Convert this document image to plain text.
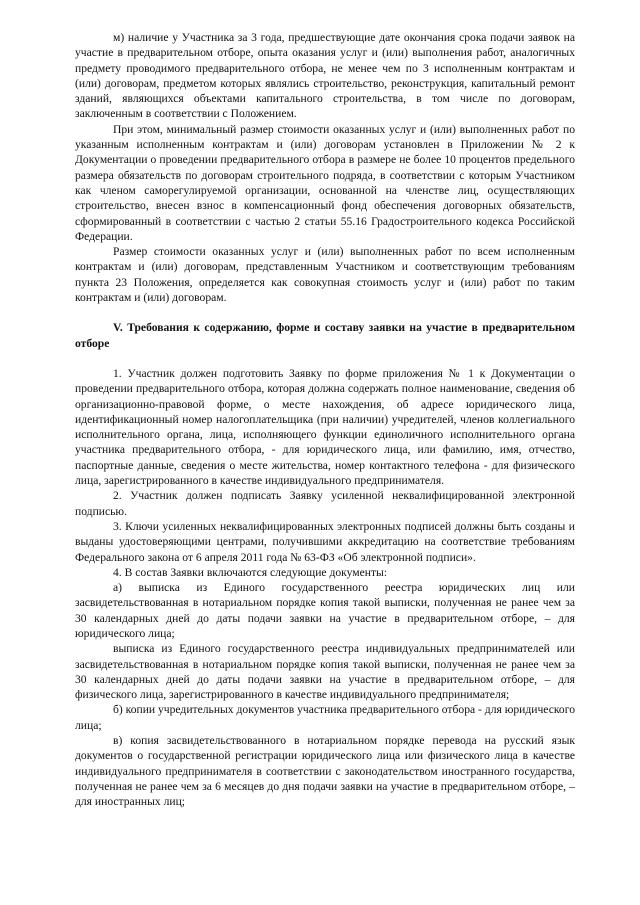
м) наличие у Участника за 3 года, предшествующие дате окончания срока подачи заявок на участие в предварительном отборе, опыта оказания услуг и (или) выполнения работ, аналогичных предмету проводимого предварительного отбора, не менее чем по 3 исполненным контрактам и (или) договорам, предметом которых являлись строительство, реконструкция, капитальный ремонт зданий, являющихся объектами капитального строительства, в том числе по договорам, заключенным в соответствии с Положением.

При этом, минимальный размер стоимости оказанных услуг и (или) выполненных работ по указанным исполненным контрактам и (или) договорам установлен в Приложении № 2 к Документации о проведении предварительного отбора в размере не более 10 процентов предельного размера обязательств по договорам строительного подряда, в соответствии с которым Участником как членом саморегулируемой организации, основанной на членстве лиц, осуществляющих строительство, внесен взнос в компенсационный фонд обеспечения договорных обязательств, сформированный в соответствии с частью 2 статьи 55.16 Градостроительного кодекса Российской Федерации.

Размер стоимости оказанных услуг и (или) выполненных работ по всем исполненным контрактам и (или) договорам, представленным Участником и соответствующим требованиям пункта 23 Положения, определяется как совокупная стоимость услуг и (или) работ по таким контрактам и (или) договорам.

V. Требования к содержанию, форме и составу заявки на участие в предварительном отборе

1. Участник должен подготовить Заявку по форме приложения № 1 к Документации о проведении предварительного отбора, которая должна содержать полное наименование, сведения об организационно-правовой форме, о месте нахождения, об адресе юридического лица, идентификационный номер налогоплательщика (при наличии) учредителей, членов коллегиального исполнительного органа, лица, исполняющего функции единоличного исполнительного органа участника предварительного отбора, - для юридического лица, или фамилию, имя, отчество, паспортные данные, сведения о месте жительства, номер контактного телефона - для физического лица, зарегистрированного в качестве индивидуального предпринимателя.

2. Участник должен подписать Заявку усиленной неквалифицированной электронной подписью.

3. Ключи усиленных неквалифицированных электронных подписей должны быть созданы и выданы удостоверяющими центрами, получившими аккредитацию на соответствие требованиям Федерального закона от 6 апреля 2011 года № 63-ФЗ «Об электронной подписи».

4. В состав Заявки включаются следующие документы:

а) выписка из Единого государственного реестра юридических лиц или засвидетельствованная в нотариальном порядке копия такой выписки, полученная не ранее чем за 30 календарных дней до даты подачи заявки на участие в предварительном отборе, – для юридического лица;

выписка из Единого государственного реестра индивидуальных предпринимателей или засвидетельствованная в нотариальном порядке копия такой выписки, полученная не ранее чем за 30 календарных дней до даты подачи заявки на участие в предварительном отборе, – для физического лица, зарегистрированного в качестве индивидуального предпринимателя;

б) копии учредительных документов участника предварительного отбора - для юридического лица;

в) копия засвидетельствованного в нотариальном порядке перевода на русский язык документов о государственной регистрации юридического лица или физического лица в качестве индивидуального предпринимателя в соответствии с законодательством иностранного государства, полученная не ранее чем за 6 месяцев до дня подачи заявки на участие в предварительном отборе, – для иностранных лиц;
